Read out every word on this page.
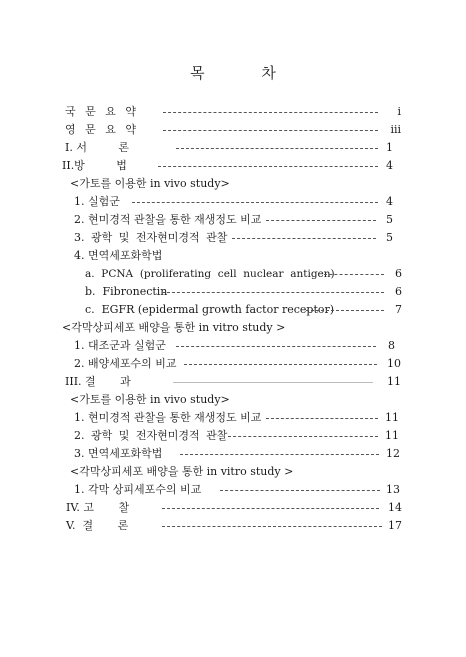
목 차
국 문 요 약	i
영 문 요 약	iii
I. 서         론	1
II.방         법	4
<가토를 이용한 in vivo study>
1. 실험군	4
2. 현미경적 관찰을 통한 재생정도 비교	5
3. 광학 및 전자현미경적 관찰	5
4. 면역세포화학법
a.  PCNA  (proliferating  cell  nuclear  antigen)	6
b.  Fibronectin	6
c.  EGFR (epidermal growth factor receptor)	7
<각막상피세포 배양을 통한 in vitro study >
1. 대조군과 실험군	8
2. 배양세포수의 비교	10
III. 결       과	11
<가토를 이용한 in vivo study>
1. 현미경적 관찰을 통한 재생정도 비교	11
2. 광학 및 전자현미경적 관찰	11
3. 면역세포화학법	12
<각막상피세포 배양을 통한 in vitro study >
1. 각막 상피세포수의 비교	13
IV. 고       찰	14
V.  결       론	17
